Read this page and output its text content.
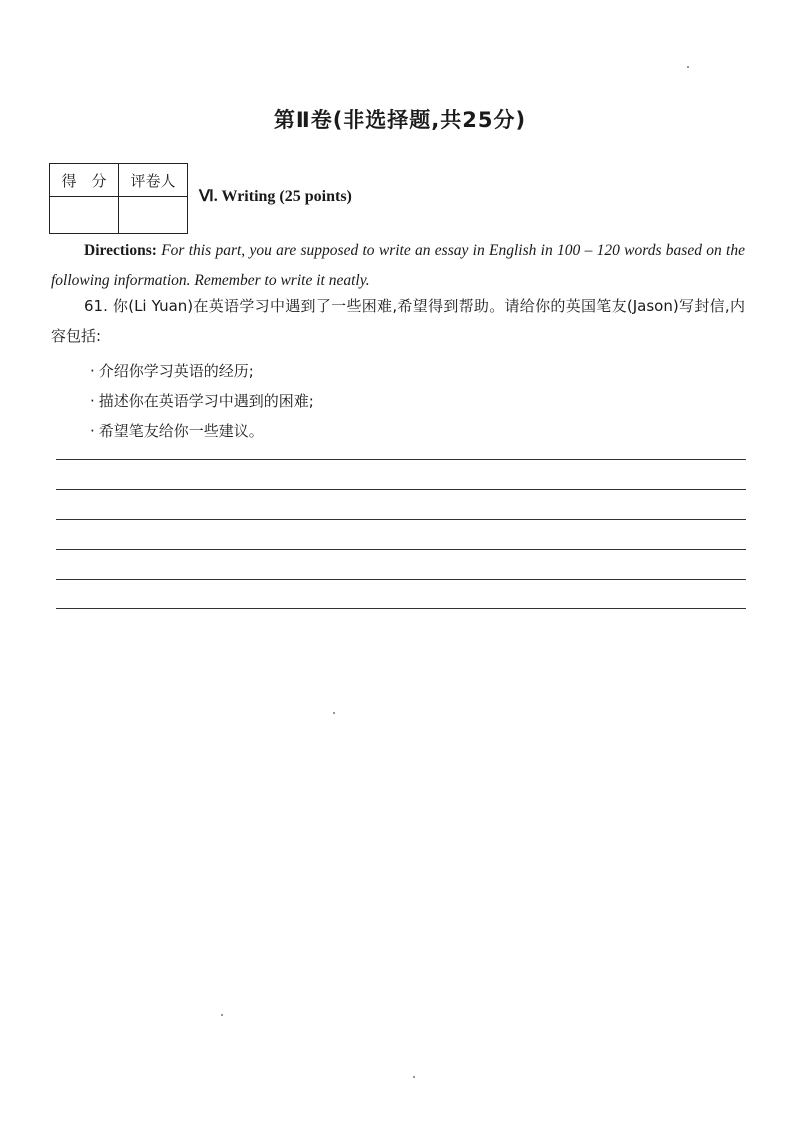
第Ⅱ卷(非选择题,共25分)
得　分	评卷人

Ⅵ. Writing (25 points)
Directions: For this part, you are supposed to write an essay in English in 100 – 120 words based on the following information. Remember to write it neatly.
61. 你(Li Yuan)在英语学习中遇到了一些困难,希望得到帮助。请给你的英国笔友(Jason)写封信,内容包括:
· 介绍你学习英语的经历;
· 描述你在英语学习中遇到的困难;
· 希望笔友给你一些建议。
